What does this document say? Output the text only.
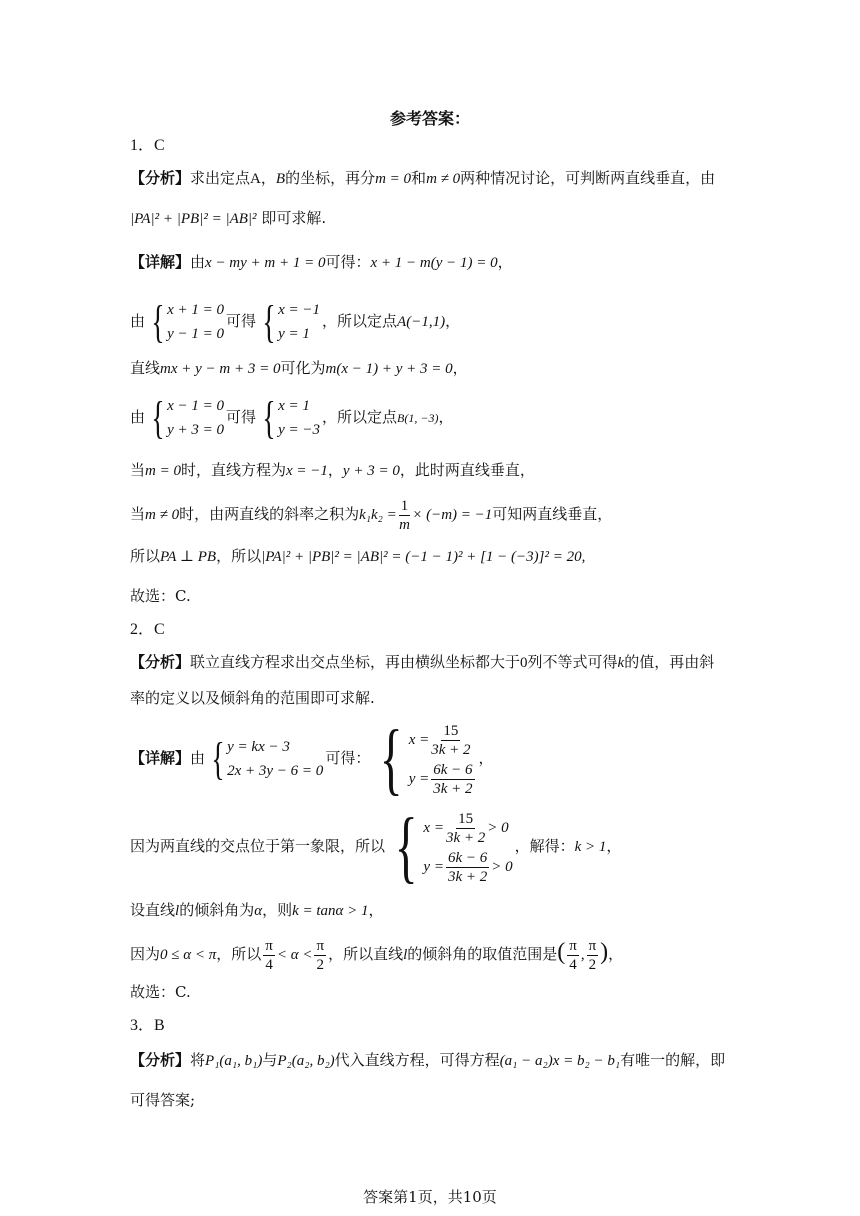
参考答案：
1．C
【分析】求出定点A，B的坐标，再分m = 0和m ≠ 0两种情况讨论，可判断两直线垂直，由
|PA|² + |PB|² = |AB|² 即可求解.
【详解】由x − my + m + 1 = 0可得：x + 1 − m(y − 1) = 0，
由 { x + 1 = 0
y − 1 = 0
可得 { x = −1
y = 1
，所以定点A(−1,1)，
直线mx + y − m + 3 = 0可化为m(x − 1) + y + 3 = 0，
由 { x − 1 = 0
y + 3 = 0
可得 { x = 1
y = −3
，所以定点B(1, −3)，
当m = 0时，直线方程为x = −1，y + 3 = 0，此时两直线垂直，
当m ≠ 0时，由两直线的斜率之积为$k_1k_2 = \frac{1}{m} \times (-m) = -1$可知两直线垂直，
所以PA ⊥ PB，所以|PA|² + |PB|² = |AB|² = (−1 − 1)² + [1 − (−3)]² = 20,
故选：C.
2．C
【分析】联立直线方程求出交点坐标，再由横纵坐标都大于0列不等式可得k的值，再由斜
率的定义以及倾斜角的范围即可求解.
【详解】由 { y = kx − 3
2x + 3y − 6 = 0
可得： { $x = \frac{15}{3k + 2}$
$y = \frac{6k - 6}{3k + 2}$
，
因为两直线的交点位于第一象限，所以 { $x = \frac{15}{3k + 2} > 0$
$y = \frac{6k - 6}{3k + 2} > 0$
，解得：k > 1，
设直线l的倾斜角为α，则k = tanα > 1，
因为0 ≤ α < π，所以 $\frac{\pi}{4} < \alpha < \frac{\pi}{2}$ ，所以直线l的倾斜角的取值范围是( $\frac{\pi}{4}$ , $\frac{\pi}{2}$ )，
故选：C.
3．B
【分析】将P₁(a₁, b₁)与P₂(a₂, b₂)代入直线方程，可得方程(a₁ − a₂)x = b₂ − b₁有唯一的解，即
可得答案;
答案第1页，共10页
